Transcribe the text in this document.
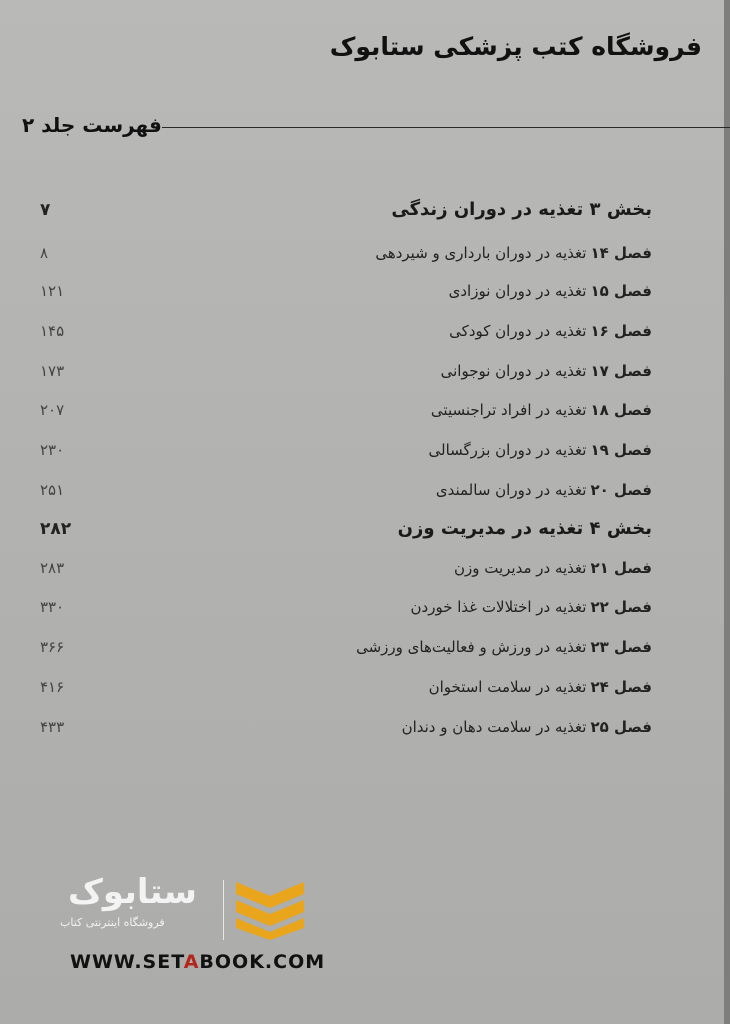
فروشگاه کتب پزشکی ستابوک
فهرست جلد ۲
بخش ۳ تغذیه در دوران زندگی
۷
فصل ۱۴تغذیه در دوران بارداری و شیردهی
۸
فصل ۱۵تغذیه در دوران نوزادی
۱۲۱
فصل ۱۶تغذیه در دوران کودکی
۱۴۵
فصل ۱۷تغذیه در دوران نوجوانی
۱۷۳
فصل ۱۸تغذیه در افراد تراجنسیتی
۲۰۷
فصل ۱۹تغذیه در دوران بزرگسالی
۲۳۰
فصل ۲۰تغذیه در دوران سالمندی
۲۵۱
بخش ۴ تغذیه در مدیریت وزن
۲۸۲
فصل ۲۱تغذیه در مدیریت وزن
۲۸۳
فصل ۲۲تغذیه در اختلالات غذا خوردن
۳۳۰
فصل ۲۳تغذیه در ورزش و فعالیت‌های ورزشی
۳۶۶
فصل ۲۴تغذیه در سلامت استخوان
۴۱۶
فصل ۲۵تغذیه در سلامت دهان و دندان
۴۳۳
ستابوک
فروشگاه اینترنتی کتاب
WWW.SETABOOK.COM
